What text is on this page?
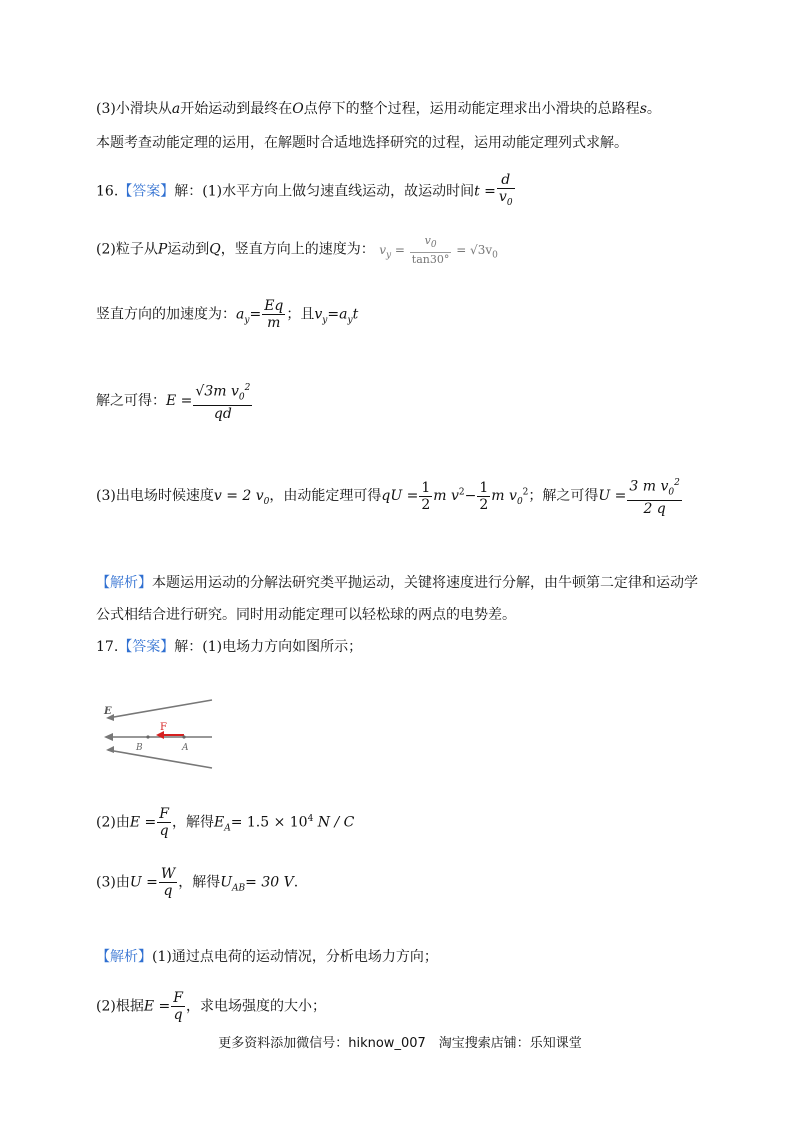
(3)小滑块从a开始运动到最终在O点停下的整个过程，运用动能定理求出小滑块的总路程s。
本题考查动能定理的运用，在解题时合适地选择研究的过程，运用动能定理列式求解。
16.【答案】解：(1)水平方向上做匀速直线运动，故运动时间$t = \frac{d}{v_0}$
(2)粒子从P运动到Q，竖直方向上的速度为： $v_y = \frac{v_0}{\tan 30^\circ} = √3v_0$
竖直方向的加速度为：$a_y= \frac{Eq}{m}$ ；且$v_y=a_yt$
解之可得：$E = \frac{√3m v_0^2}{qd}$
(3)出电场时候速度v = 2 $v_0$，由动能定理可得qU = $\frac{1}{2}$ m $v^2- \frac{1}{2}$ m $v_0^2$；解之可得$U = \frac{3 m v_0^2}{2 q}$
【解析】本题运用运动的分解法研究类平抛运动，关键将速度进行分解，由牛顿第二定律和运动学
公式相结合进行研究。同时用动能定理可以轻松球的两点的电势差。
17.【答案】解：(1)电场力方向如图所示；
E
F
B	A
(2)由$E = \frac{F}{q}$ ，解得$E_A= 1.5 \times 10^4$ N / C
(3)由$U = \frac{W}{q}$ ，解得$U_{AB}= 30$ V.
【解析】(1)通过点电荷的运动情况，分析电场力方向；
(2)根据$E = \frac{F}{q}$ ，求电场强度的大小；
更多资料添加微信号：hiknow_007　淘宝搜索店铺：乐知课堂
